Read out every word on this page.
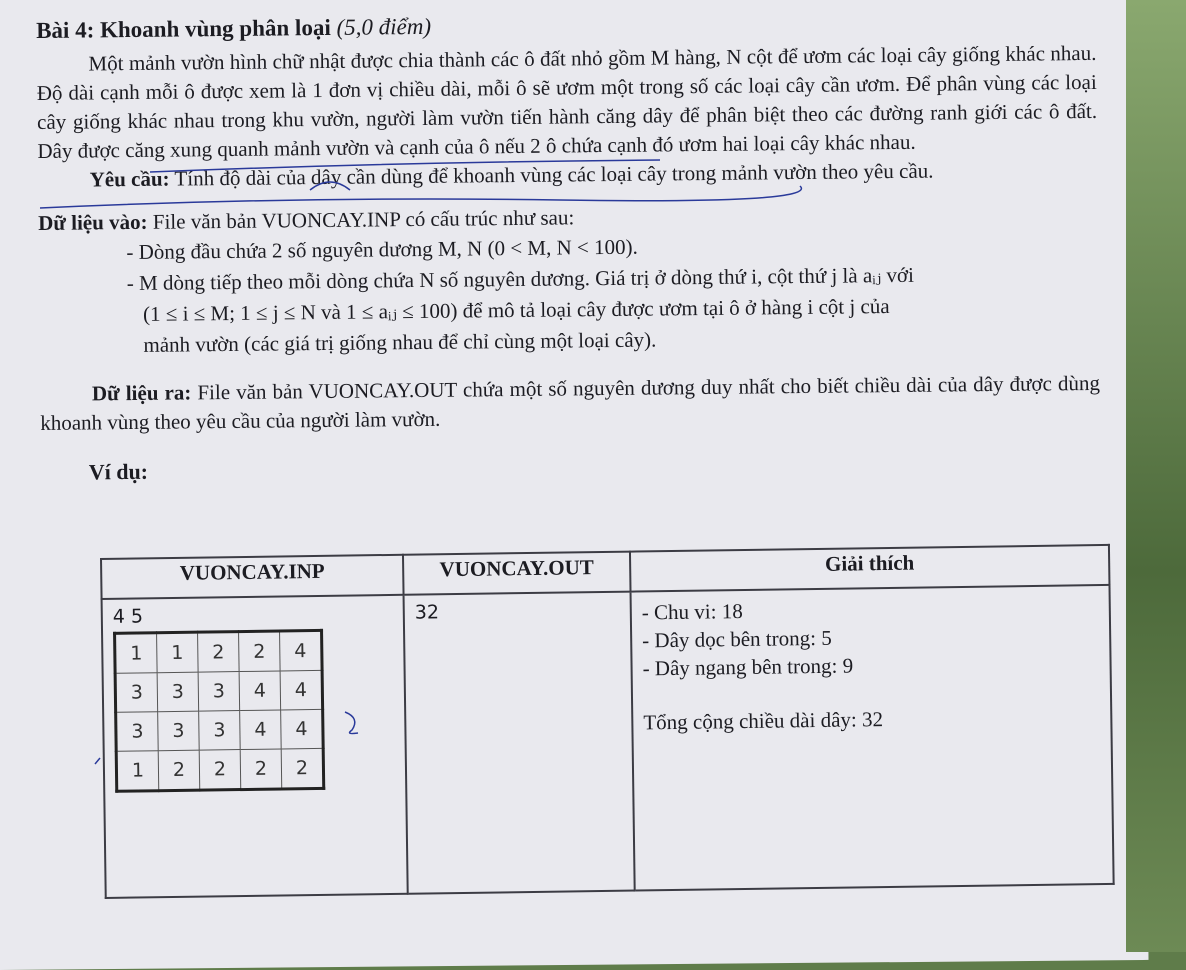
Bài 4: Khoanh vùng phân loại (5,0 điểm)

Một mảnh vườn hình chữ nhật được chia thành các ô đất nhỏ gồm M hàng, N cột để ươm các loại cây giống khác nhau. Độ dài cạnh mỗi ô được xem là 1 đơn vị chiều dài, mỗi ô sẽ ươm một trong số các loại cây cần ươm. Để phân vùng các loại cây giống khác nhau trong khu vườn, người làm vườn tiến hành căng dây để phân biệt theo các đường ranh giới các ô đất. Dây được căng xung quanh mảnh vườn và cạnh của ô nếu 2 ô chứa cạnh đó ươm hai loại cây khác nhau.

Yêu cầu: Tính độ dài của dây cần dùng để khoanh vùng các loại cây trong mảnh vườn theo yêu cầu.

Dữ liệu vào: File văn bản VUONCAY.INP có cấu trúc như sau:

- Dòng đầu chứa 2 số nguyên dương M, N (0 < M, N < 100).
- M dòng tiếp theo mỗi dòng chứa N số nguyên dương. Giá trị ở dòng thứ i, cột thứ j là aᵢⱼ với
(1 ≤ i ≤ M; 1 ≤ j ≤ N và 1 ≤ aᵢⱼ ≤ 100) để mô tả loại cây được ươm tại ô ở hàng i cột j của
mảnh vườn (các giá trị giống nhau để chỉ cùng một loại cây).

Dữ liệu ra: File văn bản VUONCAY.OUT chứa một số nguyên dương duy nhất cho biết chiều dài của dây được dùng khoanh vùng theo yêu cầu của người làm vườn.

Ví dụ:
VUONCAY.INP	VUONCAY.OUT	Giải thích

4 5
1	1	2	2	4
3	3	3	4	4
3	3	3	4	4
1	2	2	2	2
	32	- Chu vi: 18
- Dây dọc bên trong: 5
- Dây ngang bên trong: 9
Tổng cộng chiều dài dây: 32
